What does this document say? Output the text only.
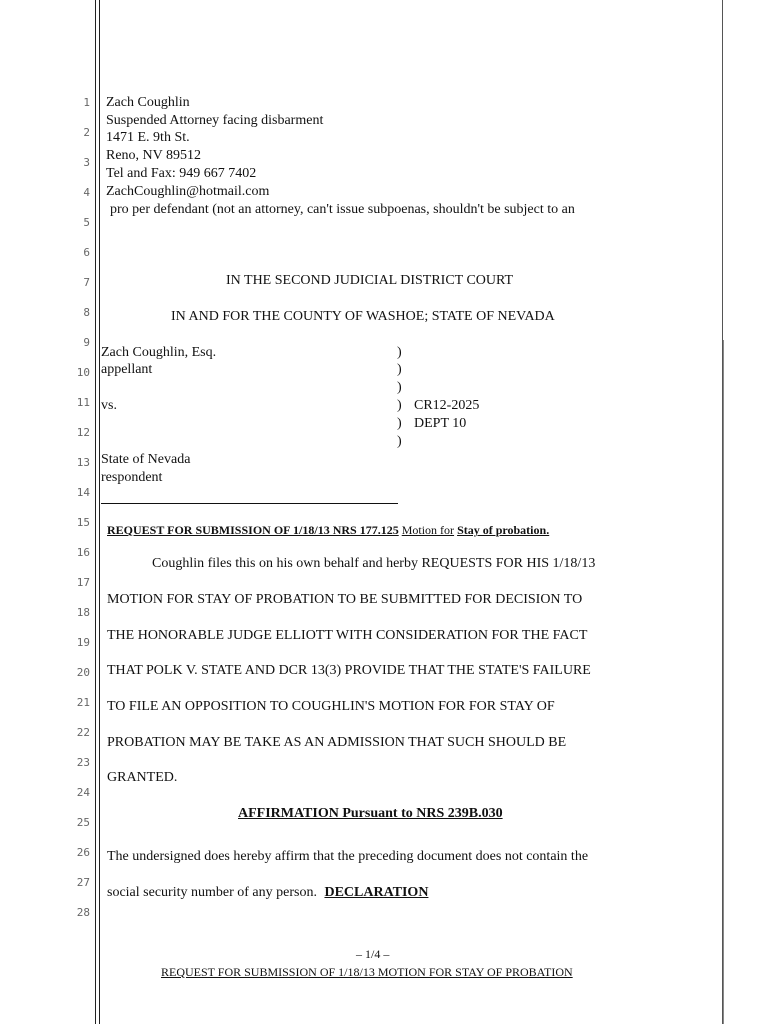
1
2
3
4
5
6
7
8
9
10
11
12
13
14
15
16
17
18
19
20
21
22
23
24
25
26
27
28
Zach Coughlin
Suspended Attorney facing disbarment
1471 E. 9th St.
Reno, NV 89512
Tel and Fax: 949 667 7402
ZachCoughlin@hotmail.com
pro per defendant (not an attorney, can't issue subpoenas, shouldn't be subject to an
IN THE SECOND JUDICIAL DISTRICT COURT
IN AND FOR THE COUNTY OF WASHOE; STATE OF NEVADA
Zach Coughlin, Esq.
appellant
vs.
State of Nevada
respondent
)
)
)
)
)
)
CR12-2025
DEPT 10
REQUEST FOR SUBMISSION OF 1/18/13 NRS 177.125 Motion for Stay of probation.
Coughlin files this on his own behalf and herby REQUESTS FOR HIS 1/18/13
MOTION FOR STAY OF PROBATION TO BE SUBMITTED FOR DECISION TO
THE HONORABLE JUDGE ELLIOTT WITH CONSIDERATION FOR THE FACT
THAT POLK V. STATE AND DCR 13(3) PROVIDE THAT THE STATE'S FAILURE
TO FILE AN OPPOSITION TO COUGHLIN'S MOTION FOR FOR STAY OF
PROBATION MAY BE TAKE AS AN ADMISSION THAT SUCH SHOULD BE
GRANTED.
AFFIRMATION Pursuant to NRS 239B.030
The undersigned does hereby affirm that the preceding document does not contain the
social security number of any person. DECLARATION
– 1/4 –
REQUEST FOR SUBMISSION OF 1/18/13 MOTION FOR STAY OF PROBATION
